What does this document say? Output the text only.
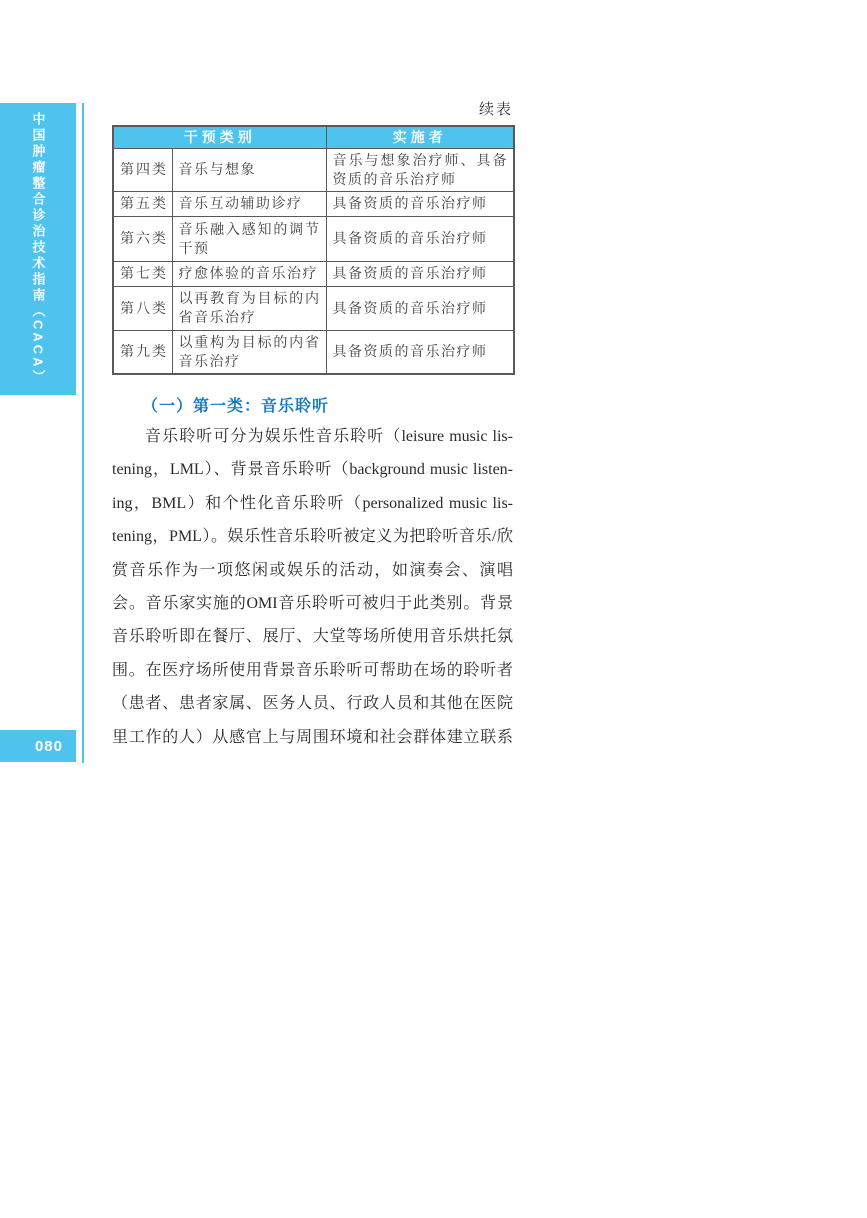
中国肿瘤整合诊治技术指南（CACA）
080
续表
干预类别		实施者
第四类	音乐与想象	音乐与想象治疗师、具备资质的音乐治疗师
第五类	音乐互动辅助诊疗	具备资质的音乐治疗师
第六类	音乐融入感知的调节干预	具备资质的音乐治疗师
第七类	疗愈体验的音乐治疗	具备资质的音乐治疗师
第八类	以再教育为目标的内省音乐治疗	具备资质的音乐治疗师
第九类	以重构为目标的内省音乐治疗	具备资质的音乐治疗师
（一）第一类：音乐聆听
音乐聆听可分为娱乐性音乐聆听（leisure music lis-
tening，LML）、背景音乐聆听（background music listen-
ing，BML）和个性化音乐聆听（personalized music lis-
tening，PML）。娱乐性音乐聆听被定义为把聆听音乐/欣
赏音乐作为一项悠闲或娱乐的活动，如演奏会、演唱
会。音乐家实施的OMI音乐聆听可被归于此类别。背景
音乐聆听即在餐厅、展厅、大堂等场所使用音乐烘托氛
围。在医疗场所使用背景音乐聆听可帮助在场的聆听者
（患者、患者家属、医务人员、行政人员和其他在医院
里工作的人）从感官上与周围环境和社会群体建立联系
